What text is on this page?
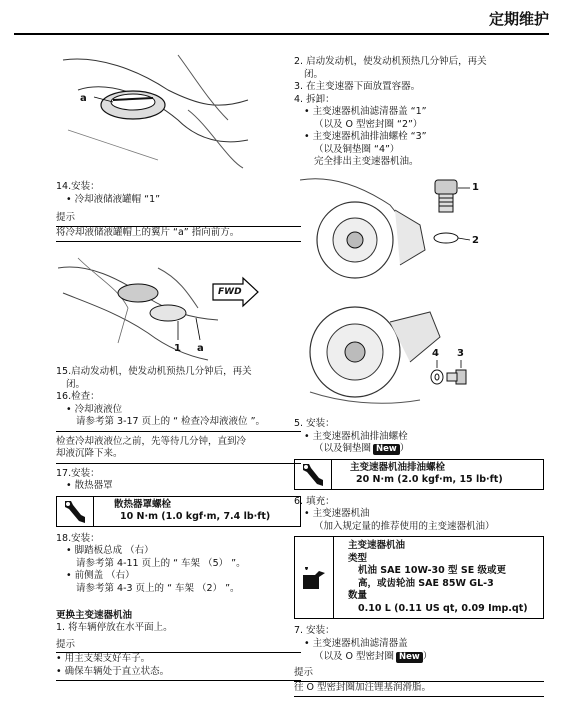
定期维护
a

14.安装：

• 冷却液储液罐帽 “1”

提示

将冷却液储液罐帽上的翼片 “a” 指向前方。

FWD
1 a

15.启动发动机，使发动机预热几分钟后，再关

闭。

16.检查：

• 冷却液液位

请参考第 3-17 页上的 “ 检查冷却液液位 ”。

检查冷却液液位之前，先等待几分钟，直到冷

却液沉降下来。

17.安装：

• 散热器罩

散热器罩螺栓
10 N·m (1.0 kgf·m, 7.4 lb·ft)

18.安装：

• 脚踏板总成 （右）

请参考第 4-11 页上的 “ 车架 （5） ”。

• 前侧盖 （右）

请参考第 4-3 页上的 “ 车架 （2） ”。

更换主变速器机油

1. 将车辆停放在水平面上。

提示

• 用主支架支好车子。

• 确保车辆处于直立状态。

2. 启动发动机，使发动机预热几分钟后，再关

闭。

3. 在主变速器下面放置容器。

4. 拆卸：

• 主变速器机油滤清器盖 “1”

（以及 O 型密封圈 “2”）

• 主变速器机油排油螺栓 “3”

（以及铜垫圈 “4”）

完全排出主变速器机油。

1
2
4 3

5. 安装：

• 主变速器机油排油螺栓

（以及铜垫圈 New ）

主变速器机油排油螺栓
20 N·m (2.0 kgf·m, 15 lb·ft)

6. 填充：

• 主变速器机油

（加入规定量的推荐使用的主变速器机油）

主变速器机油
类型
机油 SAE 10W-30 型 SE 级或更
高，或齿轮油 SAE 85W GL-3
数量
0.10 L (0.11 US qt, 0.09 Imp.qt)

7. 安装：

• 主变速器机油滤清器盖

（以及 O 型密封圈 New ）

提示

往 O 型密封圈加注锂基润滑脂。
